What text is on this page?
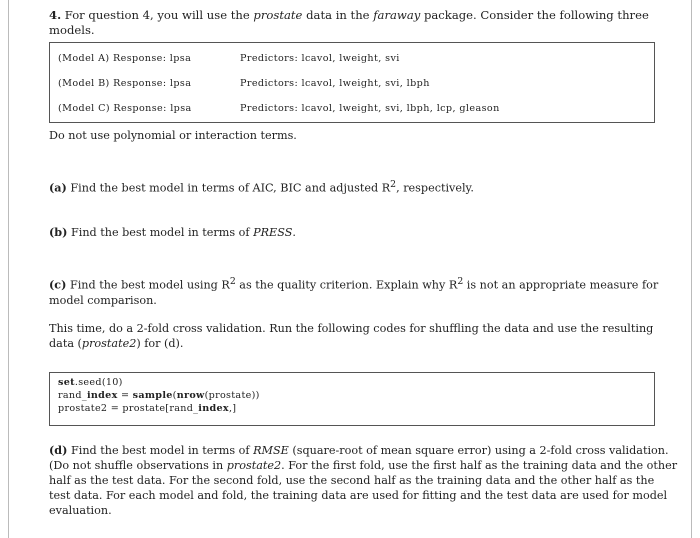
4. For question 4, you will use the prostate data in the faraway package. Consider the following three models.
(Model A) Response: lpsa	Predictors: lcavol, lweight, svi
(Model B) Response: lpsa	Predictors: lcavol, lweight, svi, lbph
(Model C) Response: lpsa	Predictors: lcavol, lweight, svi, lbph, lcp, gleason
Do not use polynomial or interaction terms.
(a) Find the best model in terms of AIC, BIC and adjusted $R^2$, respectively.
(b) Find the best model in terms of PRESS.
(c) Find the best model using $R^2$ as the quality criterion. Explain why $R^2$ is not an appropriate measure for
model comparison.
This time, do a 2-fold cross validation. Run the following codes for shuffling the data and use the resulting
data (prostate2) for (d).
set.seed(10)
rand_index = sample(nrow(prostate))
prostate2 = prostate[rand_index,]
(d) Find the best model in terms of RMSE (square-root of mean square error) using a 2-fold cross validation.
(Do not shuffle observations in prostate2. For the first fold, use the first half as the training data and the other
half as the test data. For the second fold, use the second half as the training data and the other half as the
test data. For each model and fold, the training data are used for fitting and the test data are used for model
evaluation.
